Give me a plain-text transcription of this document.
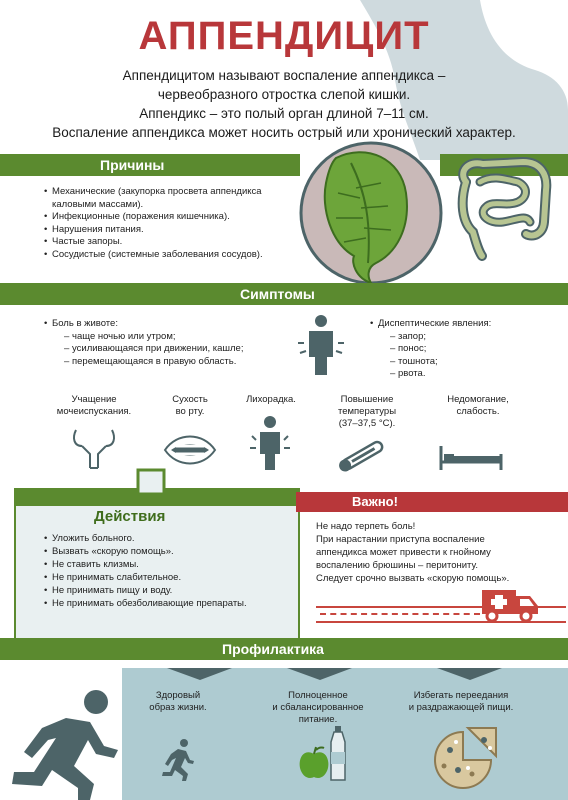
АППЕНДИЦИТ
Аппендицитом называют воспаление аппендикса –
червеобразного отростка слепой кишки.
Аппендикс – это полый орган длиной 7–11 см.
Воспаление аппендикса может носить острый или хронический характер.
Причины
• Механические (закупорка просвета аппендикса каловыми массами).
• Инфекционные (поражения кишечника).
• Нарушения питания.
• Частые запоры.
• Сосудистые (системные заболевания сосудов).
Симптомы
• Боль в животе:
– чаще ночью или утром;
– усиливающаяся при движении, кашле;
– перемещающаяся в правую область.
• Диспептические явления:
– запор;
– понос;
– тошнота;
– рвота.
Учащение
мочеиспускания.
Сухость
во рту.
Лихорадка.	Повышение
температуры
(37–37,5 °С).
Недомогание,
слабость.
Действия
• Уложить больного.
• Вызвать «скорую помощь».
• Не ставить клизмы.
• Не принимать слабительное.
• Не принимать пищу и воду.
• Не принимать обезболивающие препараты.
Важно!
Не надо терпеть боль!
При нарастании приступа воспаление
аппендикса может привести к гнойному
воспалению брюшины – перитониту.
Следует срочно вызвать «скорую помощь».
Профилактика
Здоровый
образ жизни.
Полноценное
и сбалансированное
питание.
Избегать переедания
и раздражающей пищи.
